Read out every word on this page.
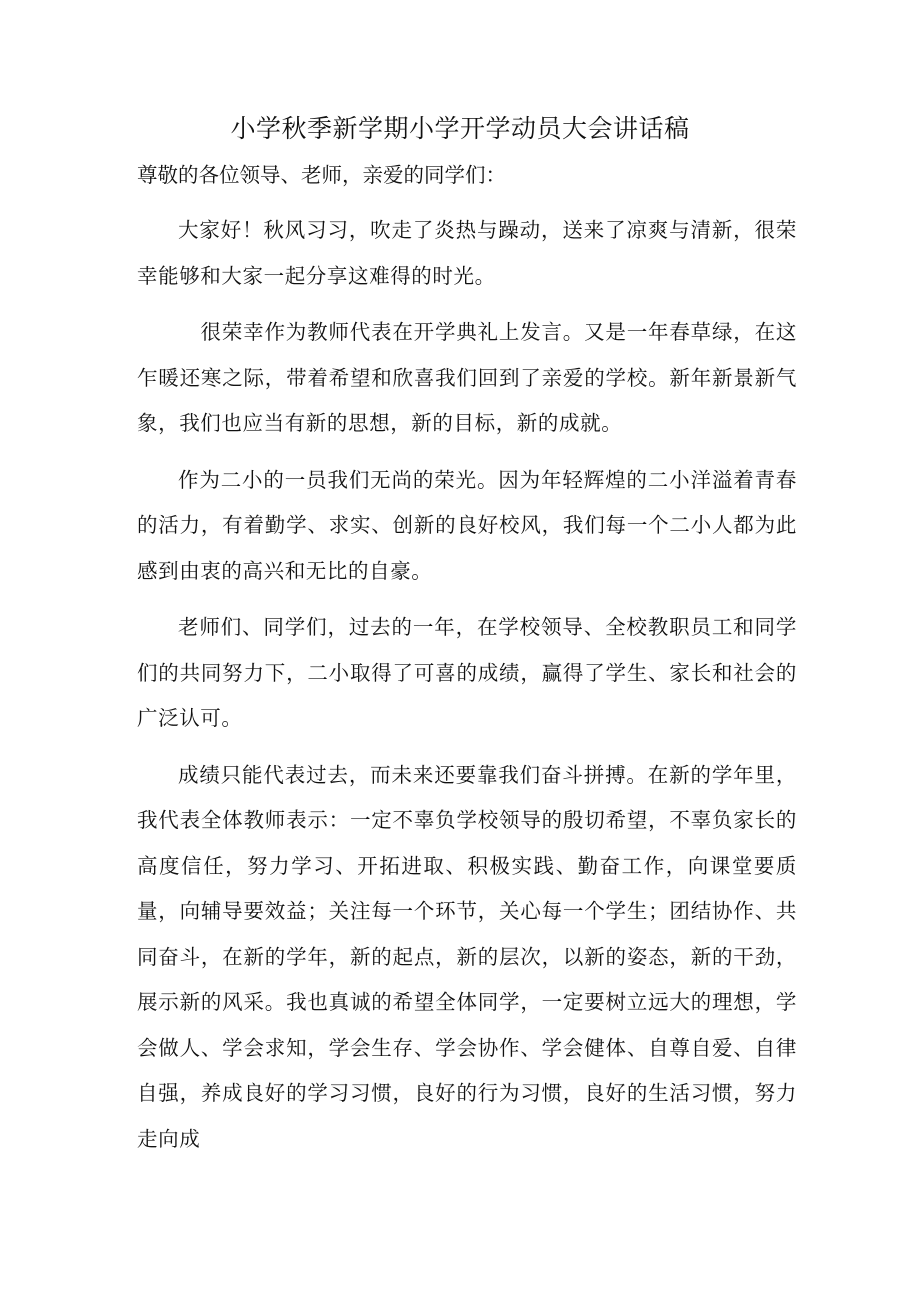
小学秋季新学期小学开学动员大会讲话稿

尊敬的各位领导、老师，亲爱的同学们：

大家好！秋风习习，吹走了炎热与躁动，送来了凉爽与清新，很荣幸能够和大家一起分享这难得的时光。

很荣幸作为教师代表在开学典礼上发言。又是一年春草绿，在这乍暖还寒之际，带着希望和欣喜我们回到了亲爱的学校。新年新景新气象，我们也应当有新的思想，新的目标，新的成就。

作为二小的一员我们无尚的荣光。因为年轻辉煌的二小洋溢着青春的活力，有着勤学、求实、创新的良好校风，我们每一个二小人都为此感到由衷的高兴和无比的自豪。

老师们、同学们，过去的一年，在学校领导、全校教职员工和同学们的共同努力下，二小取得了可喜的成绩，赢得了学生、家长和社会的广泛认可。

成绩只能代表过去，而未来还要靠我们奋斗拼搏。在新的学年里，我代表全体教师表示：一定不辜负学校领导的殷切希望，不辜负家长的高度信任，努力学习、开拓进取、积极实践、勤奋工作，向课堂要质量，向辅导要效益；关注每一个环节，关心每一个学生；团结协作、共同奋斗，在新的学年，新的起点，新的层次，以新的姿态，新的干劲，展示新的风采。我也真诚的希望全体同学，一定要树立远大的理想，学会做人、学会求知，学会生存、学会协作、学会健体、自尊自爱、自律自强，养成良好的学习习惯，良好的行为习惯，良好的生活习惯，努力走向成
